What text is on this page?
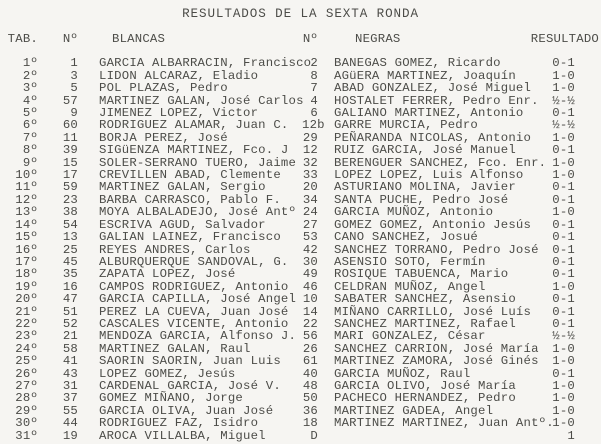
RESULTADOS DE LA SEXTA RONDA
TAB.	Nº	BLANCAS	Nº	NEGRAS	RESULTADO
1º	1	GARCIA ALBARRACIN, Francisco	2	BANEGAS GOMEZ, Ricardo	0-1
2º	3	LIDON ALCARAZ, Eladio	8	AGüERA MARTINEZ, Joaquín	1-0
3º	5	POL PLAZAS, Pedro	7	ABAD GONZALEZ, José Miguel	1-0
4º	57	MARTINEZ GALAN, José Carlos	4	HOSTALET FERRER, Pedro Enr.	½-½
5º	9	JIMENEZ LOPEZ, Victor	6	GALIANO MARTINEZ, Antonio	0-1
6º	60	RODRIGUEZ ALAMAR, Juan C.	12b	GARRE MURCIA, Pedro	½-½
7º	11	BORJA PEREZ, José	29	PEÑARANDA NICOLAS, Antonio	1-0
8º	39	SIGüENZA MARTINEZ, Fco. J	12	RUIZ GARCIA, José Manuel	0-1
9º	15	SOLER-SERRANO TUERO, Jaime	32	BERENGUER SANCHEZ, Fco. Enr.	1-0
10º	17	CREVILLEN ABAD, Clemente	33	LOPEZ LOPEZ, Luis Alfonso	1-0
11º	59	MARTINEZ GALAN, Sergio	20	ASTURIANO MOLINA, Javier	0-1
12º	23	BARBA CARRASCO, Pablo F.	34	SANTA PUCHE, Pedro José	0-1
13º	38	MOYA ALBALADEJO, José Antº	24	GARCIA MUÑOZ, Antonio	1-0
14º	54	ESCRIVA AGUD, Salvador	27	GOMEZ GOMEZ, Antonio Jesús	0-1
15º	13	GALIAN LAINEZ, Francisco	53	CANO SANCHEZ, Josué	0-1
16º	25	REYES ANDRES, Carlos	42	SANCHEZ TORRANO, Pedro José	0-1
17º	45	ALBURQUERQUE SANDOVAL, G.	30	ASENSIO SOTO, Fermín	0-1
18º	35	ZAPATA LOPEZ, José	49	ROSIQUE TABUENCA, Mario	0-1
19º	16	CAMPOS RODRIGUEZ, Antonio	46	CELDRAN MUÑOZ, Angel	1-0
20º	47	GARCIA CAPILLA, José Angel	10	SABATER SANCHEZ, Asensio	0-1
21º	51	PEREZ LA CUEVA, Juan José	14	MIÑANO CARRILLO, José Luís	0-1
22º	52	CASCALES VICENTE, Antonio	22	SANCHEZ MARTINEZ, Rafael	0-1
23º	21	MENDOZA GARCIA, Alfonso J.	56	MARI GONZALEZ, César	½-½
24º	58	MARTINEZ GALAN, Raul	26	SANCHEZ CARRION, José María	1-0
25º	41	SAORIN SAORIN, Juan Luis	61	MARTINEZ ZAMORA, José Ginés	1-0
26º	43	LOPEZ GOMEZ, Jesús	40	GARCIA MUÑOZ, Raul	0-1
27º	31	CARDENAL GARCIA, José V.	48	GARCIA OLIVO, José María	1-0
28º	37	GOMEZ MIÑANO, Jorge	50	PACHECO HERNANDEZ, Pedro	1-0
29º	55	GARCIA OLIVA, Juan José	36	MARTINEZ GADEA, Angel	1-0
30º	44	RODRIGUEZ FAZ, Isidro	18	MARTINEZ MARTINEZ, Juan Antº.	1-0
31º	19	AROCA VILLALBA, Miguel	D		1
